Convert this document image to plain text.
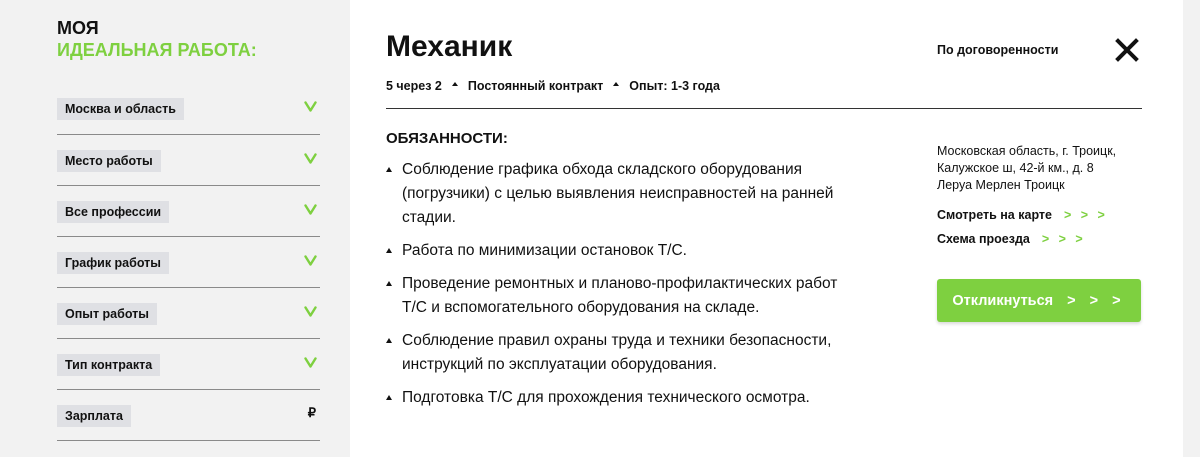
МОЯ
ИДЕАЛЬНАЯ РАБОТА:
Москва и область
Место работы
Все профессии
График работы
Опыт работы
Тип контракта
Зарплата	₽
Механик	По договоренности
5 через 2 Постоянный контракт Опыт: 1-3 года
ОБЯЗАННОСТИ:
Соблюдение графика обхода складского оборудования (погрузчики) с целью выявления неисправностей на ранней стадии.
Работа по минимизации остановок Т/С.
Проведение ремонтных и планово-профилактических работ Т/С и вспомогательного оборудования на складе.
Соблюдение правил охраны труда и техники безопасности, инструкций по эксплуатации оборудования.
Подготовка Т/С для прохождения технического осмотра.
Московская область, г. Троицк,
Калужское ш, 42-й км., д. 8
Леруа Мерлен Троицк
Смотреть на карте > > >
Схема проезда > > >
Откликнуться > > >
